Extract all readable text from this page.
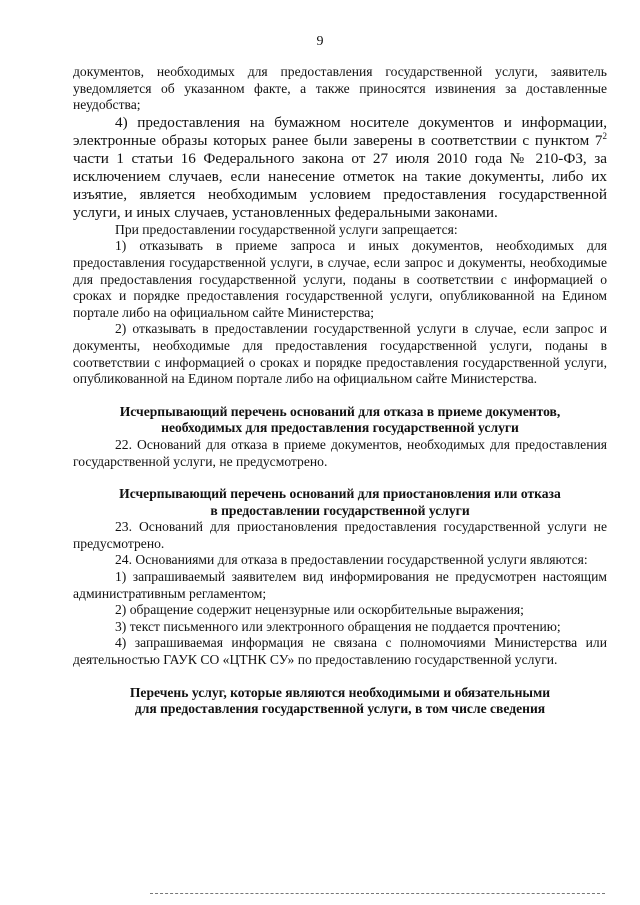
9

документов, необходимых для предоставления государственной услуги, заявитель уведомляется об указанном факте, а также приносятся извинения за доставленные неудобства;

4) предоставления на бумажном носителе документов и информации, электронные образы которых ранее были заверены в соответствии с пунктом $7^2$ части 1 статьи 16 Федерального закона от 27 июля 2010 года № 210-ФЗ, за исключением случаев, если нанесение отметок на такие документы, либо их изъятие, является необходимым условием предоставления государственной услуги, и иных случаев, установленных федеральными законами.

При предоставлении государственной услуги запрещается:

1) отказывать в приеме запроса и иных документов, необходимых для предоставления государственной услуги, в случае, если запрос и документы, необходимые для предоставления государственной услуги, поданы в соответствии с информацией о сроках и порядке предоставления государственной услуги, опубликованной на Едином портале либо на официальном сайте Министерства;

2) отказывать в предоставлении государственной услуги в случае, если запрос и документы, необходимые для предоставления государственной услуги, поданы в соответствии с информацией о сроках и порядке предоставления государственной услуги, опубликованной на Едином портале либо на официальном сайте Министерства.

Исчерпывающий перечень оснований для отказа в приеме документов,
необходимых для предоставления государственной услуги

22. Оснований для отказа в приеме документов, необходимых для предоставления государственной услуги, не предусмотрено.

Исчерпывающий перечень оснований для приостановления или отказа
в предоставлении государственной услуги

23. Оснований для приостановления предоставления государственной услуги не предусмотрено.

24. Основаниями для отказа в предоставлении государственной услуги являются:

1) запрашиваемый заявителем вид информирования не предусмотрен настоящим административным регламентом;

2) обращение содержит нецензурные или оскорбительные выражения;

3) текст письменного или электронного обращения не поддается прочтению;

4) запрашиваемая информация не связана с полномочиями Министерства или деятельностью ГАУК СО «ЦТНК СУ» по предоставлению государственной услуги.

Перечень услуг, которые являются необходимыми и обязательными
для предоставления государственной услуги, в том числе сведения
